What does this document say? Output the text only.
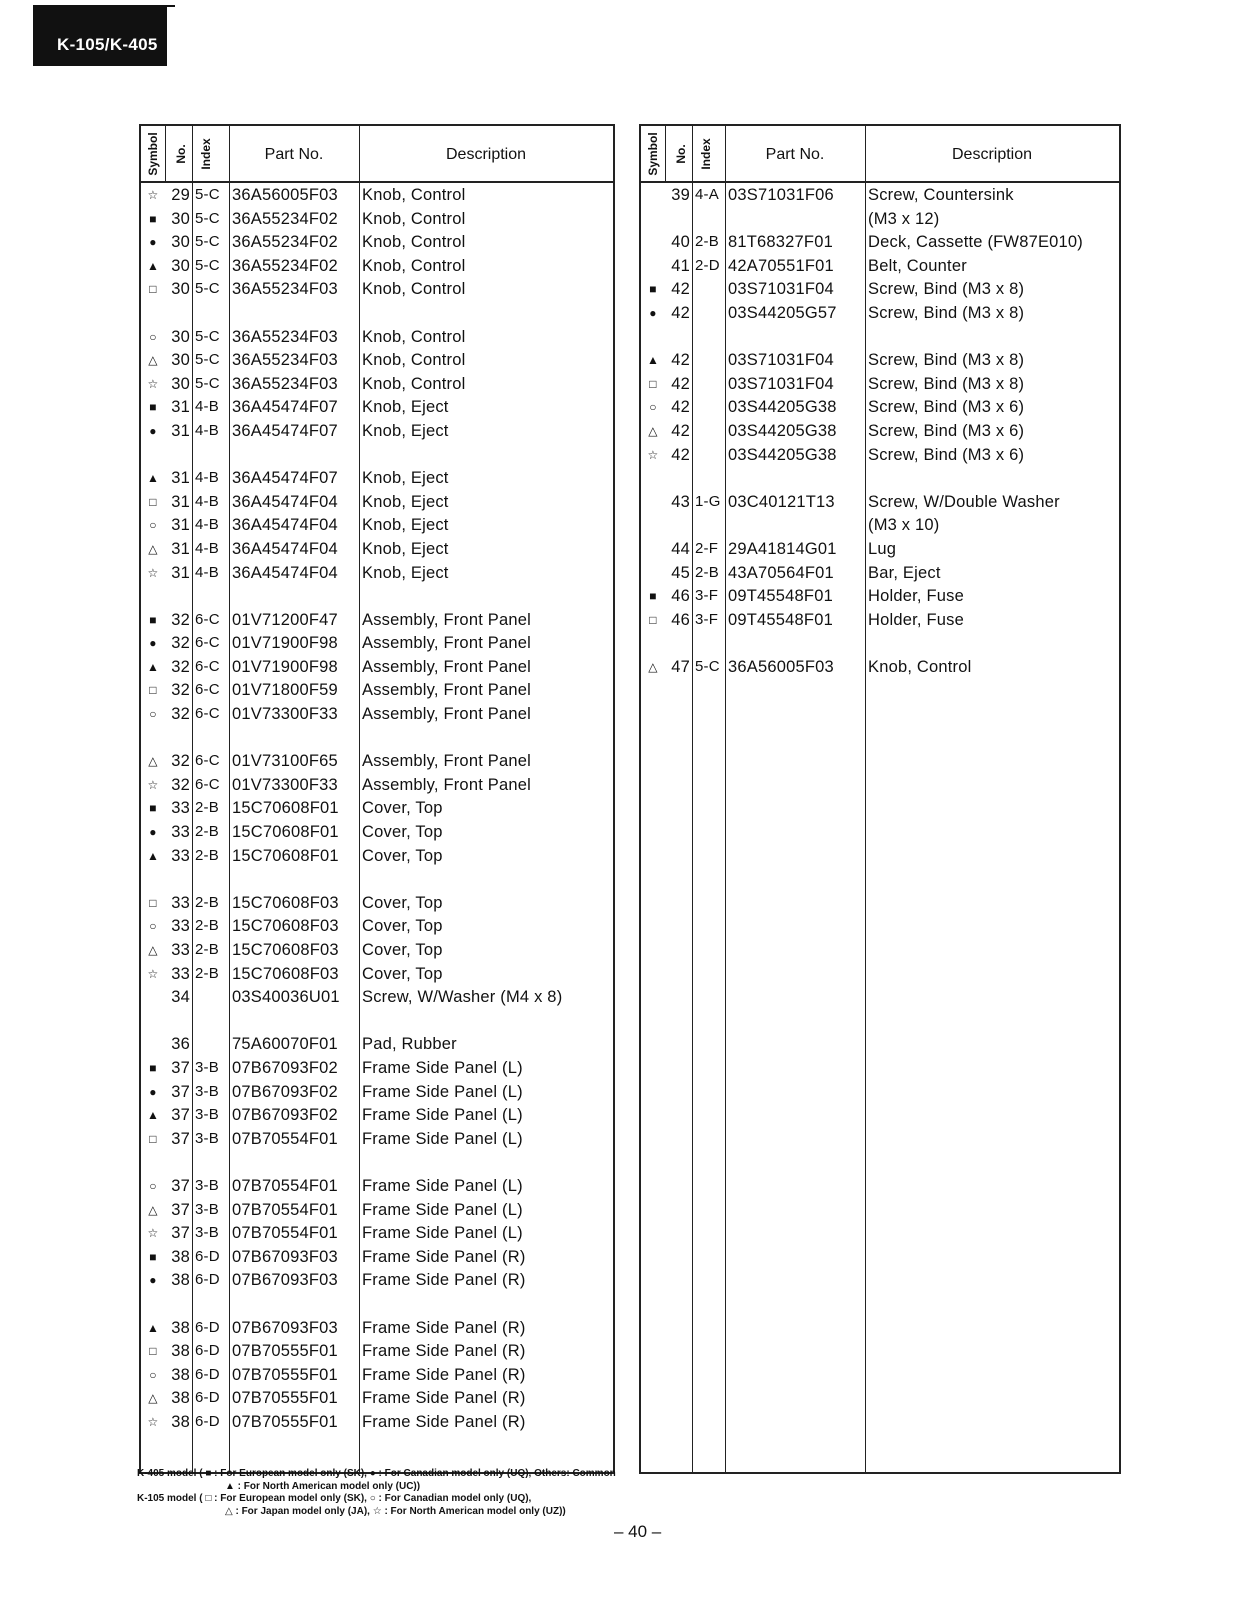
K-105/K-405
Symbol No. Index	Part No.	Description
☆ 29 5-C 36A56005F03 Knob, Control
■ 30 5-C 36A55234F02 Knob, Control
● 30 5-C 36A55234F02 Knob, Control
▲ 30 5-C 36A55234F02 Knob, Control
□ 30 5-C 36A55234F03 Knob, Control
○ 30 5-C 36A55234F03 Knob, Control
△ 30 5-C 36A55234F03 Knob, Control
☆ 30 5-C 36A55234F03 Knob, Control
■ 31 4-B 36A45474F07 Knob, Eject
● 31 4-B 36A45474F07 Knob, Eject
▲ 31 4-B 36A45474F07 Knob, Eject
□ 31 4-B 36A45474F04 Knob, Eject
○ 31 4-B 36A45474F04 Knob, Eject
△ 31 4-B 36A45474F04 Knob, Eject
☆ 31 4-B 36A45474F04 Knob, Eject
■ 32 6-C 01V71200F47 Assembly, Front Panel
● 32 6-C 01V71900F98 Assembly, Front Panel
▲ 32 6-C 01V71900F98 Assembly, Front Panel
□ 32 6-C 01V71800F59 Assembly, Front Panel
○ 32 6-C 01V73300F33 Assembly, Front Panel
△ 32 6-C 01V73100F65 Assembly, Front Panel
☆ 32 6-C 01V73300F33 Assembly, Front Panel
■ 33 2-B 15C70608F01 Cover, Top
● 33 2-B 15C70608F01 Cover, Top
▲ 33 2-B 15C70608F01 Cover, Top
□ 33 2-B 15C70608F03 Cover, Top
○ 33 2-B 15C70608F03 Cover, Top
△ 33 2-B 15C70608F03 Cover, Top
☆ 33 2-B 15C70608F03 Cover, Top
34	03S40036U01 Screw, W/Washer (M4 x 8)
36	75A60070F01 Pad, Rubber
■ 37 3-B 07B67093F02 Frame Side Panel (L)
● 37 3-B 07B67093F02 Frame Side Panel (L)
▲ 37 3-B 07B67093F02 Frame Side Panel (L)
□ 37 3-B 07B70554F01 Frame Side Panel (L)
○ 37 3-B 07B70554F01 Frame Side Panel (L)
△ 37 3-B 07B70554F01 Frame Side Panel (L)
☆ 37 3-B 07B70554F01 Frame Side Panel (L)
■ 38 6-D 07B67093F03 Frame Side Panel (R)
● 38 6-D 07B67093F03 Frame Side Panel (R)
▲ 38 6-D 07B67093F03 Frame Side Panel (R)
□ 38 6-D 07B70555F01 Frame Side Panel (R)
○ 38 6-D 07B70555F01 Frame Side Panel (R)
△ 38 6-D 07B70555F01 Frame Side Panel (R)
☆ 38 6-D 07B70555F01 Frame Side Panel (R)
Symbol No. Index	Part No.	Description
39 4-A 03S71031F06 Screw, Countersink
(M3 x 12)
40 2-B 81T68327F01 Deck, Cassette (FW87E010)
41 2-D 42A70551F01 Belt, Counter
■ 42 03S71031F04 Screw, Bind (M3 x 8)
● 42 03S44205G57 Screw, Bind (M3 x 8)
▲ 42 03S71031F04 Screw, Bind (M3 x 8)
□ 42 03S71031F04 Screw, Bind (M3 x 8)
○ 42 03S44205G38 Screw, Bind (M3 x 6)
△ 42 03S44205G38 Screw, Bind (M3 x 6)
☆ 42 03S44205G38 Screw, Bind (M3 x 6)
43 1-G 03C40121T13 Screw, W/Double Washer
(M3 x 10)
44 2-F 29A41814G01 Lug
45 2-B 43A70564F01 Bar, Eject
■ 46 3-F 09T45548F01 Holder, Fuse
□ 46 3-F 09T45548F01 Holder, Fuse
△ 47 5-C 36A56005F03 Knob, Control
K-405 model ( ■ : For European model only (SK), ● : For Canadian model only (UQ), Others: Common
▲ : For North American model only (UC))
K-105 model ( □ : For European model only (SK), ○ : For Canadian model only (UQ),
△ : For Japan model only (JA), ☆ : For North American model only (UZ))
– 40 –
